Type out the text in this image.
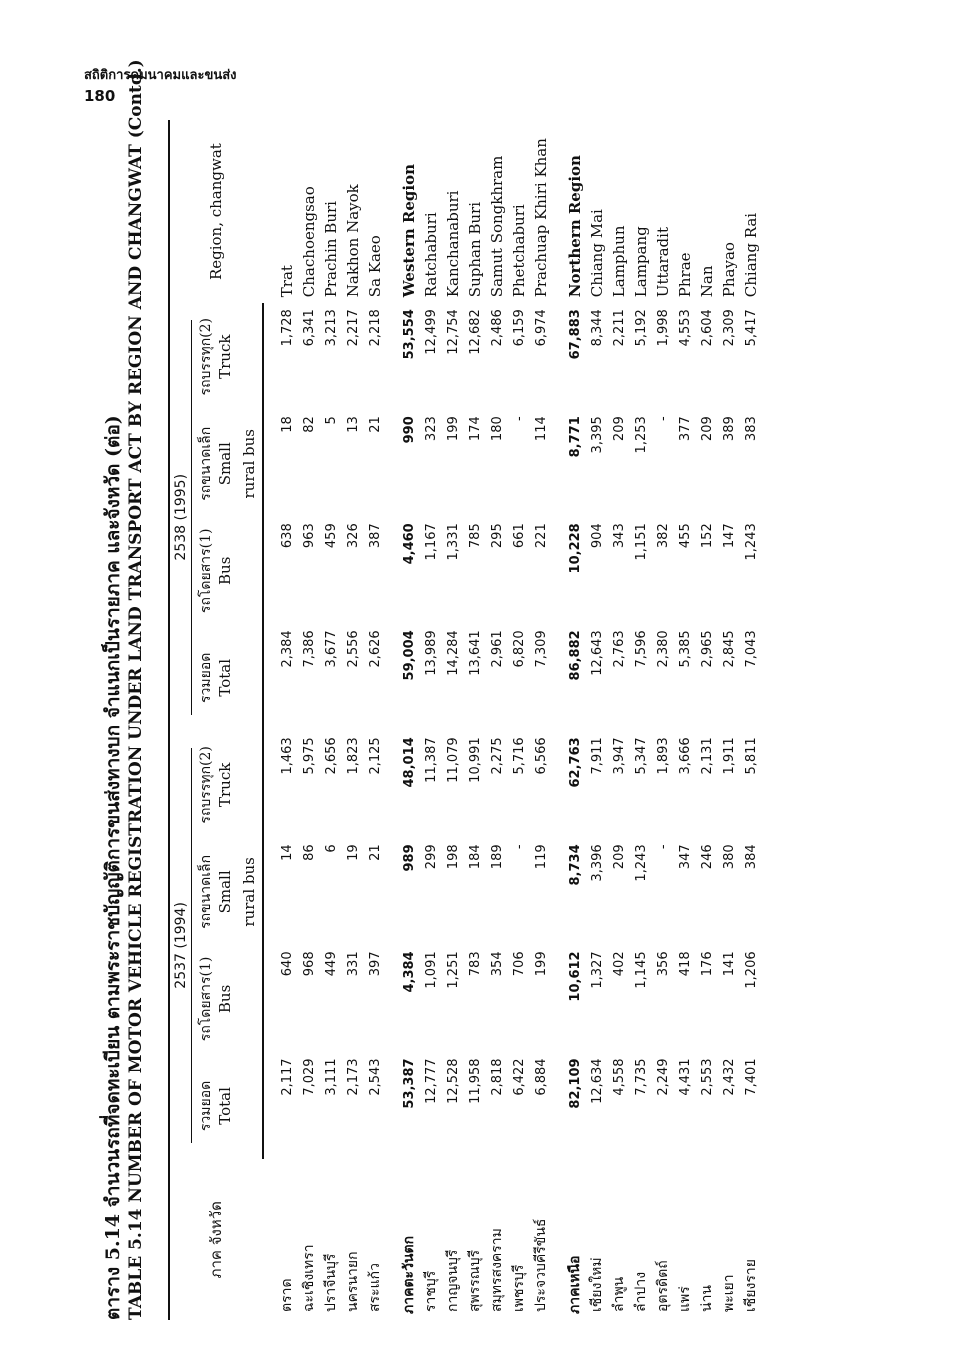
สถิติการคมนาคมและขนส่ง
180
ตาราง 5.14 จำนวนรถที่จดทะเบียน ตามพระราชบัญญัติการขนส่งทางบก จำแนกเป็นรายภาค และจังหวัด (ต่อ) TABLE 5.14 NUMBER OF MOTOR VEHICLE REGISTRATION UNDER LAND TRANSPORT ACT BY REGION AND CHANGWAT (Contd.)	ภาค จังหวัด	2537 (1994)				2538 (1995)				Region, changwat

	รวมยอด Total	รถโดยสาร(1) Bus	รถขนาดเล็ก Small	รถบรรทุก(2) Truck	รวมยอด Total	รถโดยสาร(1) Bus	รถขนาดเล็ก Small	รถบรรทุก(2) Truck	
			rural bus				rural bus		

ตราด	2,117	640	14	1,463	2,384	638	18	1,728	Trat
ฉะเชิงเทรา	7,029	968	86	5,975	7,386	963	82	6,341	Chachoengsao
ปราจีนบุรี	3,111	449	6	2,656	3,677	459	5	3,213	Prachin Buri
นครนายก	2,173	331	19	1,823	2,556	326	13	2,217	Nakhon Nayok
สระแก้ว	2,543	397	21	2,125	2,626	387	21	2,218	Sa Kaeo

ภาคตะวันตก	53,387	4,384	989	48,014	59,004	4,460	990	53,554	Western Region
ราชบุรี	12,777	1,091	299	11,387	13,989	1,167	323	12,499	Ratchaburi
กาญจนบุรี	12,528	1,251	198	11,079	14,284	1,331	199	12,754	Kanchanaburi
สุพรรณบุรี	11,958	783	184	10,991	13,641	785	174	12,682	Suphan Buri
สมุทรสงคราม	2,818	354	189	2,275	2,961	295	180	2,486	Samut Songkhram
เพชรบุรี	6,422	706	-	5,716	6,820	661	-	6,159	Phetchaburi
ประจวบคีรีขันธ์	6,884	199	119	6,566	7,309	221	114	6,974	Prachuap Khiri Khan

ภาคเหนือ	82,109	10,612	8,734	62,763	86,882	10,228	8,771	67,883	Northern Region
เชียงใหม่	12,634	1,327	3,396	7,911	12,643	904	3,395	8,344	Chiang Mai
ลำพูน	4,558	402	209	3,947	2,763	343	209	2,211	Lamphun
ลำปาง	7,735	1,145	1,243	5,347	7,596	1,151	1,253	5,192	Lampang
อุตรดิตถ์	2,249	356	-	1,893	2,380	382	-	1,998	Uttaradit
แพร่	4,431	418	347	3,666	5,385	455	377	4,553	Phrae
น่าน	2,553	176	246	2,131	2,965	152	209	2,604	Nan
พะเยา	2,432	141	380	1,911	2,845	147	389	2,309	Phayao
เชียงราย	7,401	1,206	384	5,811	7,043	1,243	383	5,417	Chiang Rai
